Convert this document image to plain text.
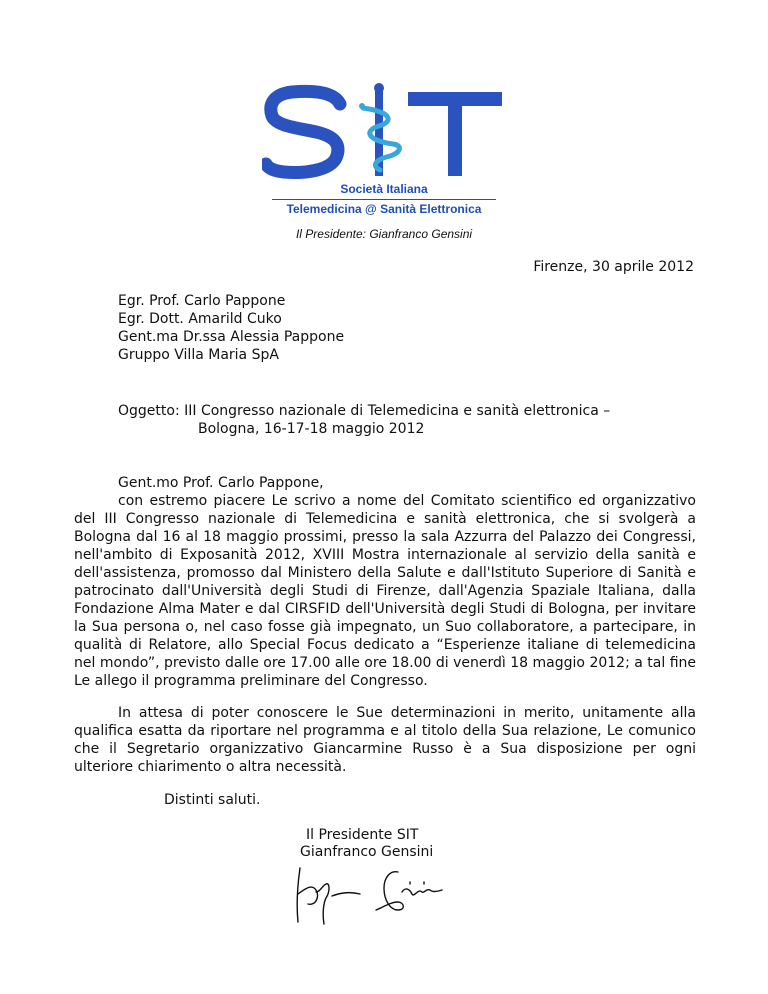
Società Italiana
Telemedicina @ Sanità Elettronica
Il Presidente: Gianfranco Gensini
Firenze, 30 aprile 2012
Egr. Prof. Carlo Pappone
Egr. Dott. Amarild Cuko
Gent.ma Dr.ssa Alessia Pappone
Gruppo Villa Maria SpA
Oggetto: III Congresso nazionale di Telemedicina e sanità elettronica –
Bologna, 16-17-18 maggio 2012

Gent.mo Prof. Carlo Pappone,

con estremo piacere Le scrivo a nome del Comitato scientifico ed organizzativo del III Congresso nazionale di Telemedicina e sanità elettronica, che si svolgerà a Bologna dal 16 al 18 maggio prossimi, presso la sala Azzurra del Palazzo dei Congressi, nell'ambito di Exposanità 2012, XVIII Mostra internazionale al servizio della sanità e dell'assistenza, promosso dal Ministero della Salute e dall'Istituto Superiore di Sanità e patrocinato dall'Università degli Studi di Firenze, dall'Agenzia Spaziale Italiana, dalla Fondazione Alma Mater e dal CIRSFID dell'Università degli Studi di Bologna, per invitare la Sua persona o, nel caso fosse già impegnato, un Suo collaboratore, a partecipare, in qualità di Relatore, allo Special Focus dedicato a “Esperienze italiane di telemedicina nel mondo”, previsto dalle ore 17.00 alle ore 18.00 di venerdì 18 maggio 2012; a tal fine Le allego il programma preliminare del Congresso.

In attesa di poter conoscere le Sue determinazioni in merito, unitamente alla qualifica esatta da riportare nel programma e al titolo della Sua relazione, Le comunico che il Segretario organizzativo Giancarmine Russo è a Sua disposizione per ogni ulteriore chiarimento o altra necessità.

Distinti saluti.
Il Presidente SIT
Gianfranco Gensini
